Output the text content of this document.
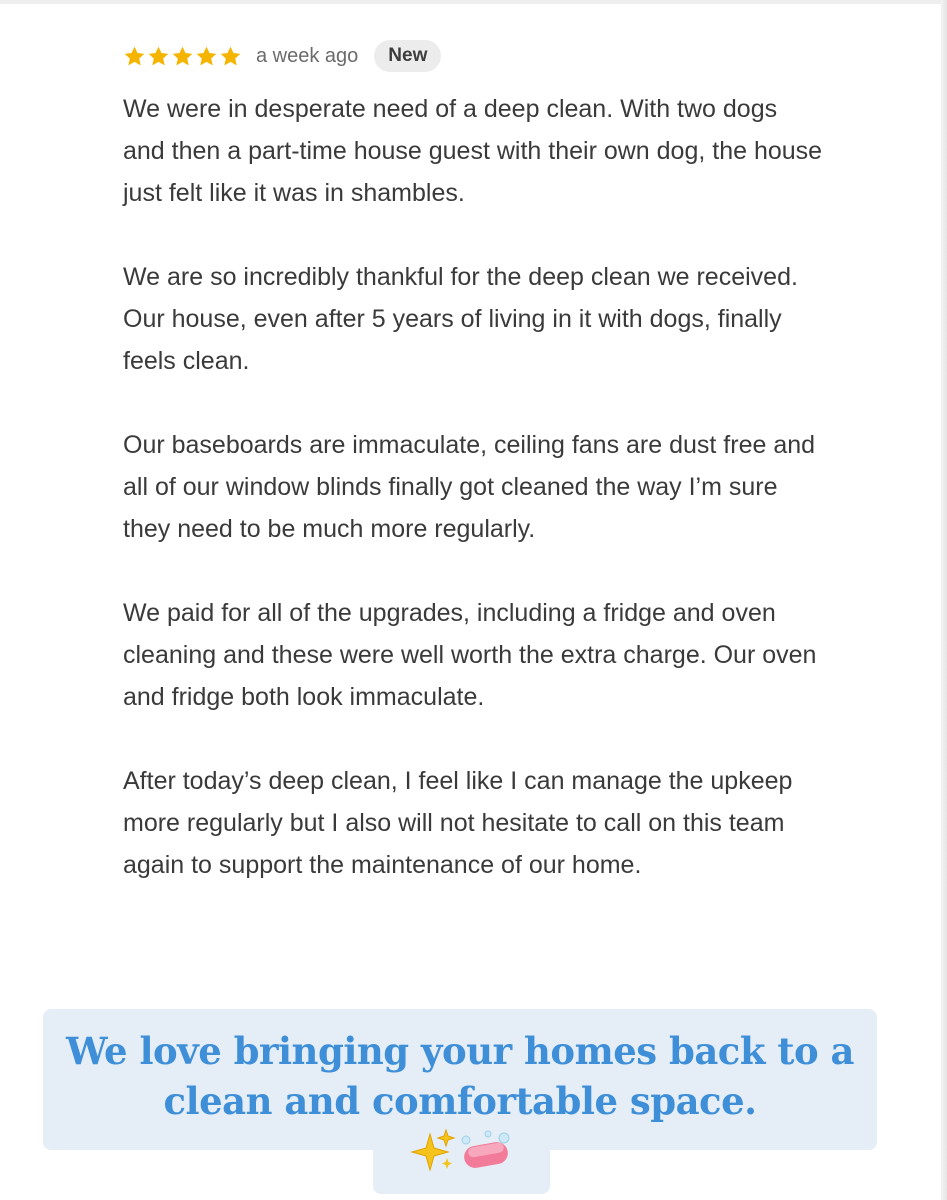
a week ago	New

We were in desperate need of a deep clean. With two dogs and then a part-time house guest with their own dog, the house just felt like it was in shambles.

We are so incredibly thankful for the deep clean we received. Our house, even after 5 years of living in it with dogs, finally feels clean.

Our baseboards are immaculate, ceiling fans are dust free and all of our window blinds finally got cleaned the way I’m sure they need to be much more regularly.

We paid for all of the upgrades, including a fridge and oven cleaning and these were well worth the extra charge. Our oven and fridge both look immaculate.

After today’s deep clean, I feel like I can manage the upkeep more regularly but I also will not hesitate to call on this team again to support the maintenance of our home.

We love bringing your homes back to a clean and comfortable space.
